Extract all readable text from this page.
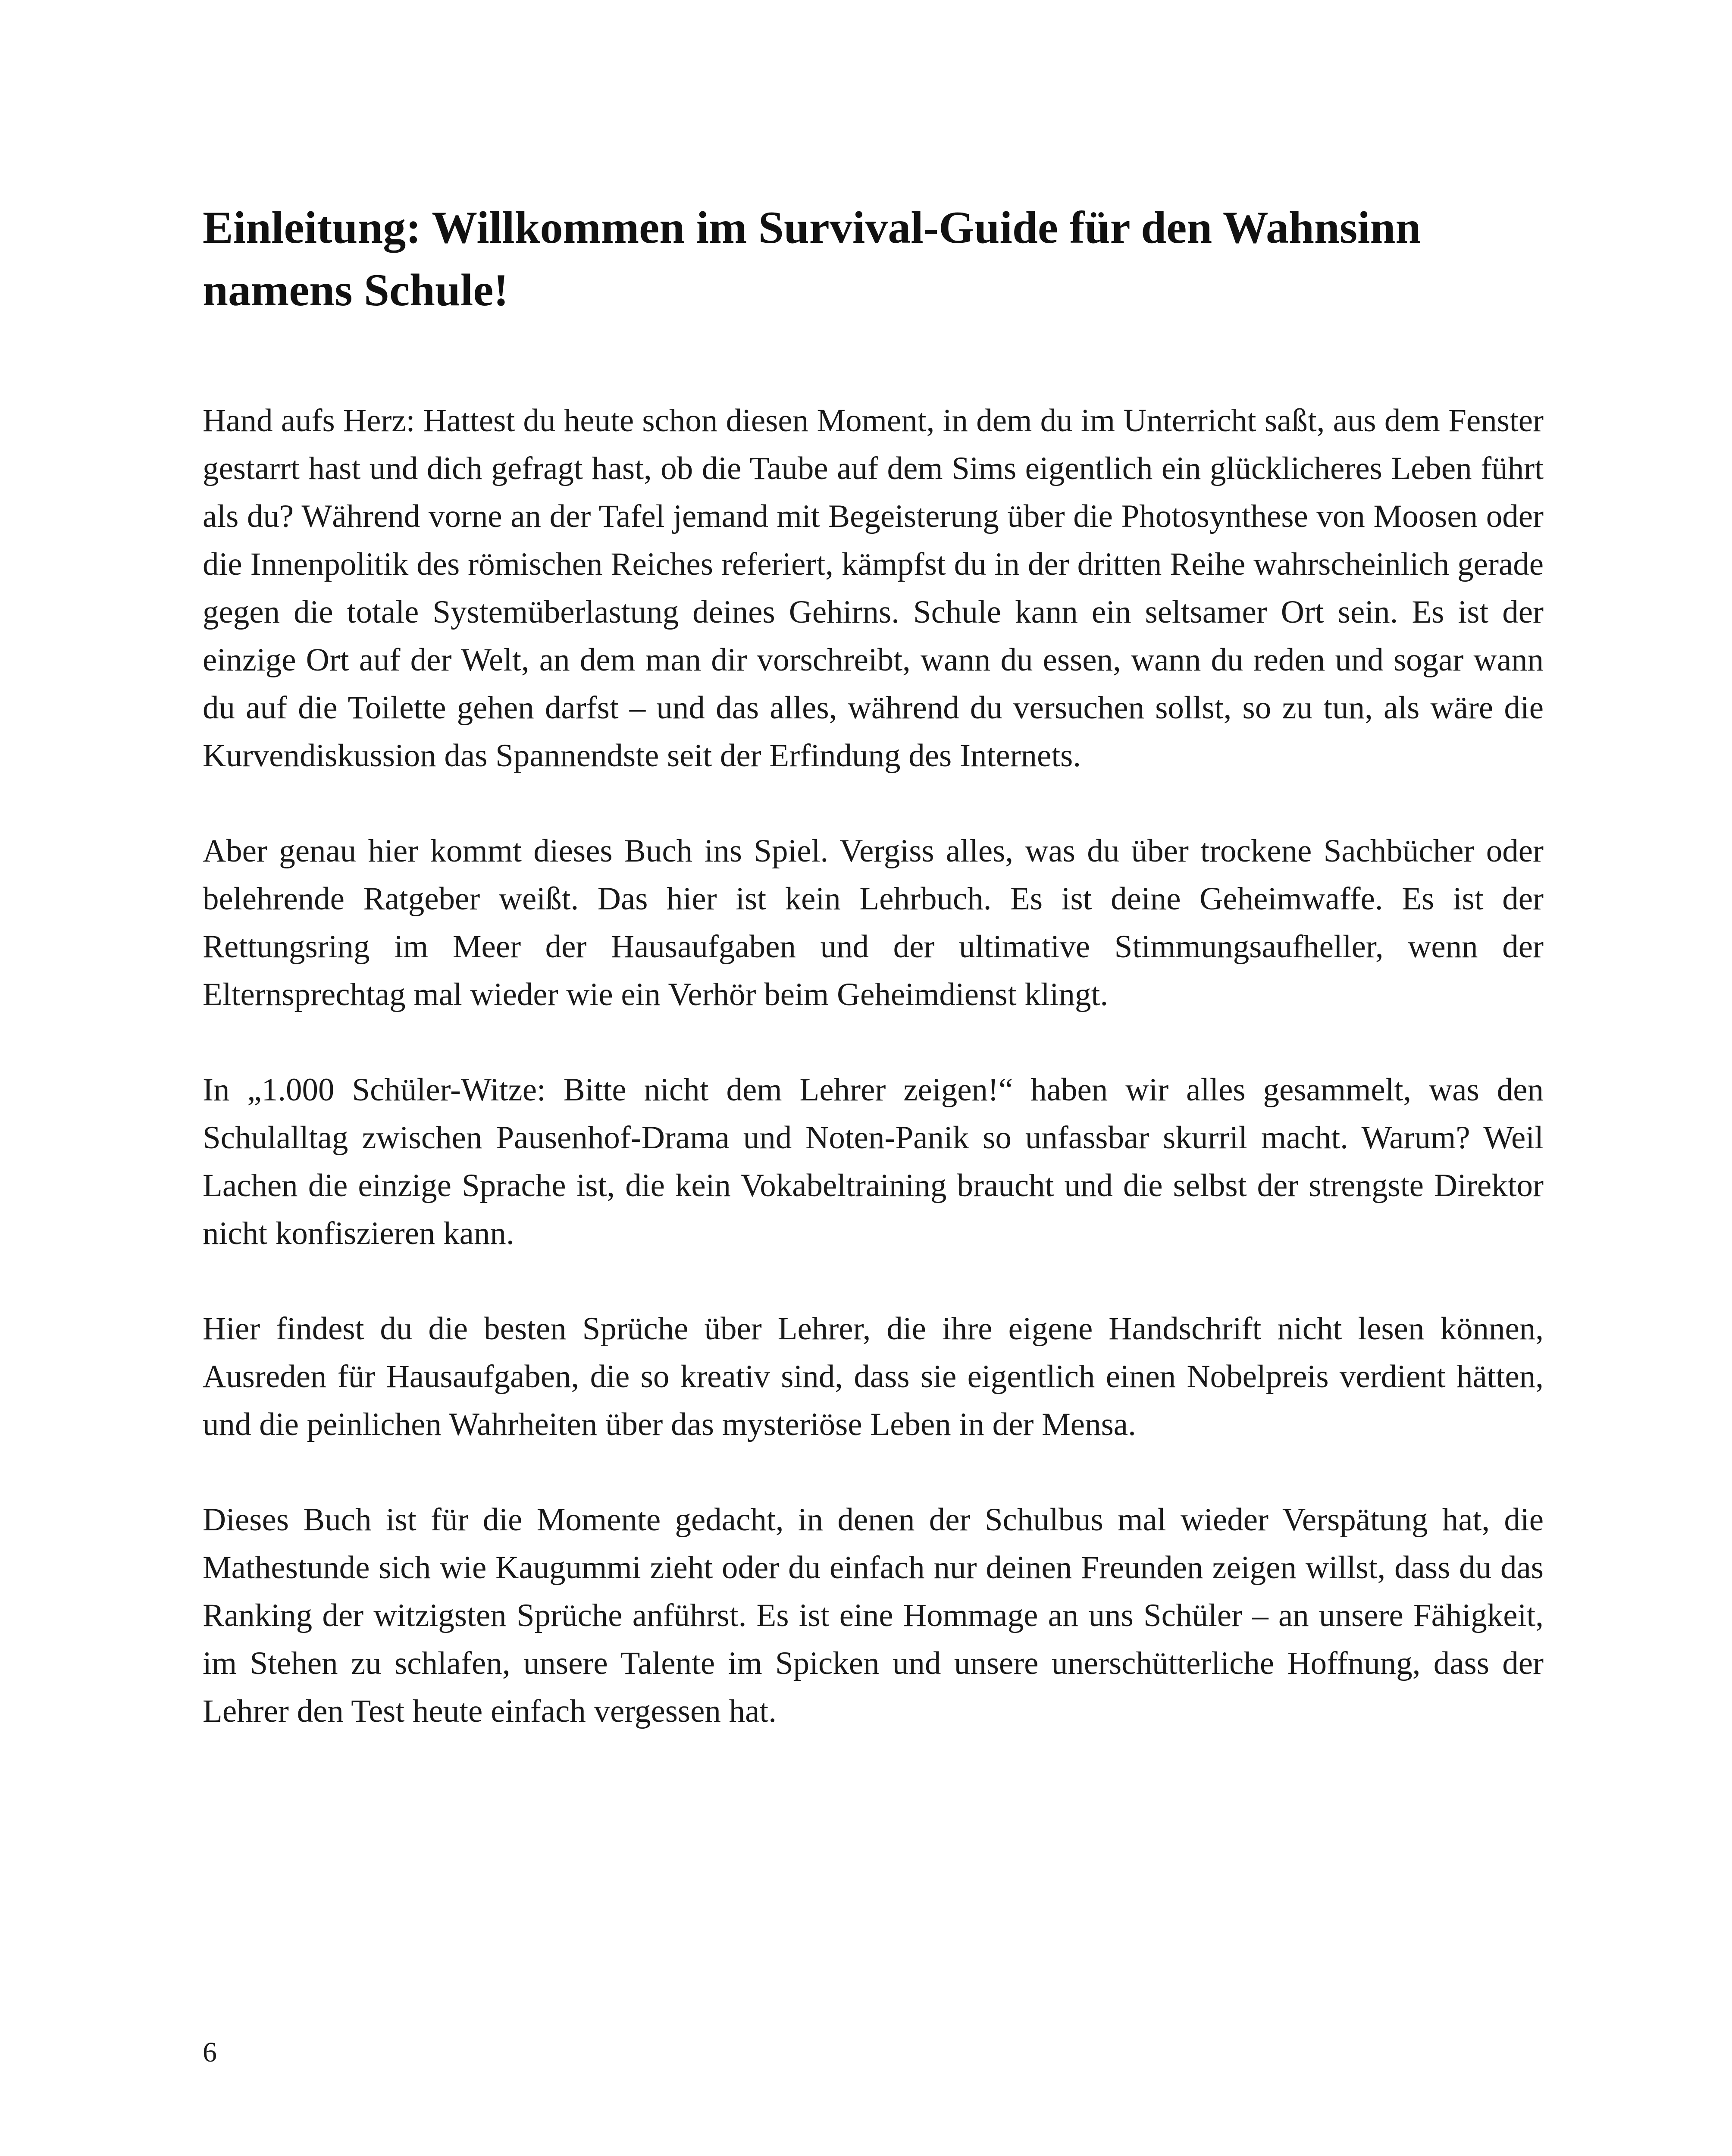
Einleitung: Willkommen im Survival-Guide für den Wahnsinn namens Schule!

Hand aufs Herz: Hattest du heute schon diesen Moment, in dem du im Unterricht saßt, aus dem Fenster gestarrt hast und dich gefragt hast, ob die Taube auf dem Sims eigentlich ein glücklicheres Leben führt als du? Während vorne an der Tafel jemand mit Begeisterung über die Photosynthese von Moosen oder die Innenpolitik des römischen Reiches referiert, kämpfst du in der dritten Reihe wahrscheinlich gerade gegen die totale Systemüberlastung deines Gehirns. Schule kann ein seltsamer Ort sein. Es ist der einzige Ort auf der Welt, an dem man dir vorschreibt, wann du essen, wann du reden und sogar wann du auf die Toilette gehen darfst – und das alles, während du versuchen sollst, so zu tun, als wäre die Kurvendiskussion das Spannendste seit der Erfindung des Internets.

Aber genau hier kommt dieses Buch ins Spiel. Vergiss alles, was du über trockene Sachbücher oder belehrende Ratgeber weißt. Das hier ist kein Lehrbuch. Es ist deine Geheimwaffe. Es ist der Rettungsring im Meer der Hausaufgaben und der ultimative Stimmungsaufheller, wenn der Elternsprechtag mal wieder wie ein Verhör beim Geheimdienst klingt.

In „1.000 Schüler-Witze: Bitte nicht dem Lehrer zeigen!“ haben wir alles gesammelt, was den Schulalltag zwischen Pausenhof-Drama und Noten-Panik so unfassbar skurril macht. Warum? Weil Lachen die einzige Sprache ist, die kein Vokabeltraining braucht und die selbst der strengste Direktor nicht konfiszieren kann.

Hier findest du die besten Sprüche über Lehrer, die ihre eigene Handschrift nicht lesen können, Ausreden für Hausaufgaben, die so kreativ sind, dass sie eigentlich einen Nobelpreis verdient hätten, und die peinlichen Wahrheiten über das mysteriöse Leben in der Mensa.

Dieses Buch ist für die Momente gedacht, in denen der Schulbus mal wieder Verspätung hat, die Mathestunde sich wie Kaugummi zieht oder du einfach nur deinen Freunden zeigen willst, dass du das Ranking der witzigsten Sprüche anführst. Es ist eine Hommage an uns Schüler – an unsere Fähigkeit, im Stehen zu schlafen, unsere Talente im Spicken und unsere unerschütterliche Hoffnung, dass der Lehrer den Test heute einfach vergessen hat.

6
